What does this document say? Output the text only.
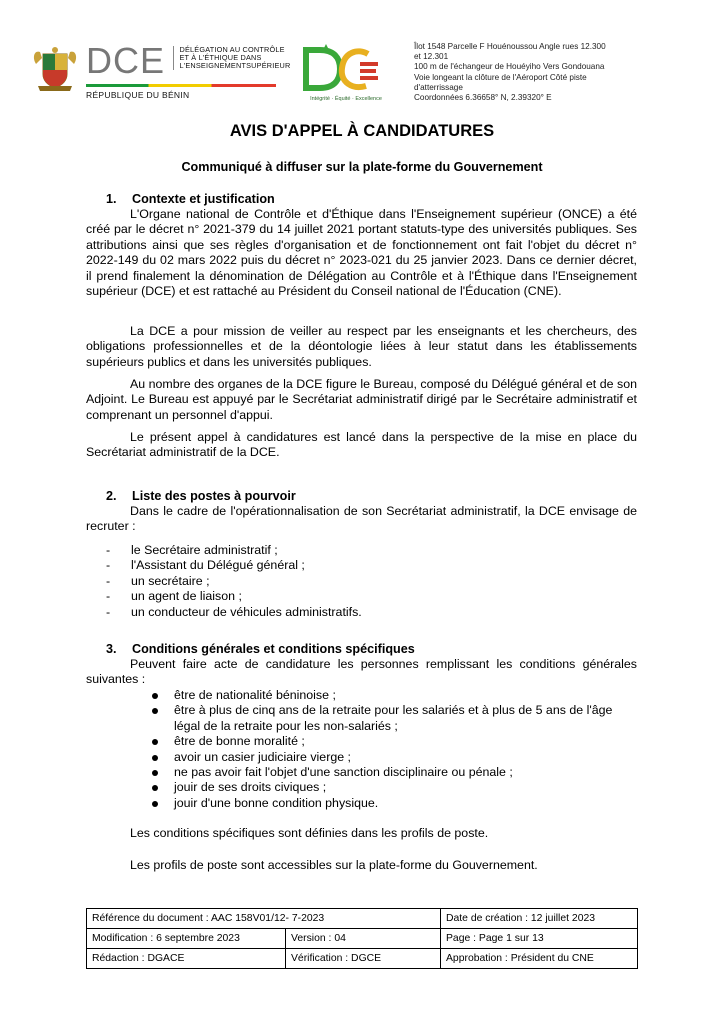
DCE DÉLÉGATION AU CONTRÔLE
ET À L'ÉTHIQUE DANS
L'ENSEIGNEMENTSUPÉRIEUR
RÉPUBLIQUE DU BÉNIN	Intégrité · Équité · Excellence
Îlot 1548 Parcelle F Houénoussou Angle rues 12.300
et 12.301
100 m de l'échangeur de Houéyiho Vers Gondouana
Voie longeant la clôture de l'Aéroport Côté piste
d'atterrissage
Coordonnées 6.36658° N, 2.39320° E
AVIS D'APPEL À CANDIDATURES
Communiqué à diffuser sur la plate-forme du Gouvernement
1. Contexte et justification
L'Organe national de Contrôle et d'Éthique dans l'Enseignement supérieur (ONCE) a été créé par le décret n° 2021-379 du 14 juillet 2021 portant statuts-type des universités publiques. Ses attributions ainsi que ses règles d'organisation et de fonctionnement ont fait l'objet du décret n° 2022-149 du 02 mars 2022 puis du décret n° 2023-021 du 25 janvier 2023. Dans ce dernier décret, il prend finalement la dénomination de Délégation au Contrôle et à l'Éthique dans l'Enseignement supérieur (DCE) et est rattaché au Président du Conseil national de l'Éducation (CNE).
La DCE a pour mission de veiller au respect par les enseignants et les chercheurs, des obligations professionnelles et de la déontologie liées à leur statut dans les établissements supérieurs publics et dans les universités publiques.
Au nombre des organes de la DCE figure le Bureau, composé du Délégué général et de son Adjoint. Le Bureau est appuyé par le Secrétariat administratif dirigé par le Secrétaire administratif et comprenant un personnel d'appui.
Le présent appel à candidatures est lancé dans la perspective de la mise en place du Secrétariat administratif de la DCE.
2. Liste des postes à pourvoir
Dans le cadre de l'opérationnalisation de son Secrétariat administratif, la DCE envisage de recruter :
- le Secrétaire administratif ;
- l'Assistant du Délégué général ;
- un secrétaire ;
- un agent de liaison ;
- un conducteur de véhicules administratifs.
3. Conditions générales et conditions spécifiques
Peuvent faire acte de candidature les personnes remplissant les conditions générales suivantes :
être de nationalité béninoise ;
être à plus de cinq ans de la retraite pour les salariés et à plus de 5 ans de l'âge légal de la retraite pour les non-salariés ;
être de bonne moralité ;
avoir un casier judiciaire vierge ;
ne pas avoir fait l'objet d'une sanction disciplinaire ou pénale ;
jouir de ses droits civiques ;
jouir d'une bonne condition physique.
Les conditions spécifiques sont définies dans les profils de poste.
Les profils de poste sont accessibles sur la plate-forme du Gouvernement.
Référence du document : AAC 158V01/12- 7-2023		Date de création : 12 juillet 2023
Modification : 6 septembre 2023	Version : 04	Page : Page 1 sur 13
Rédaction : DGACE	Vérification : DGCE	Approbation : Président du CNE
